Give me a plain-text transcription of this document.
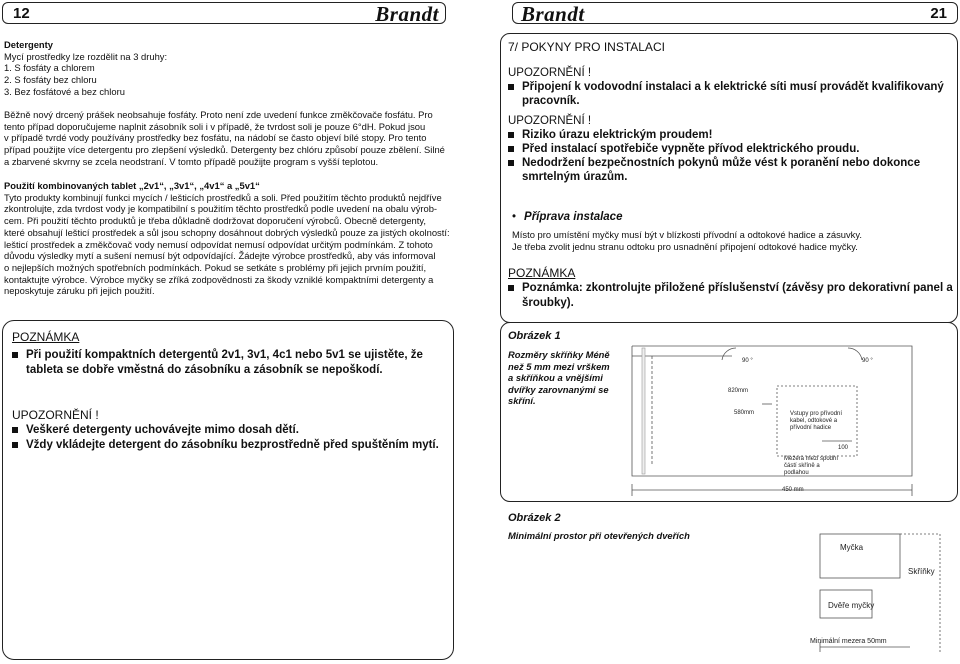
12	Brandt	Brandt	21
Detergenty
Mycí prostředky lze rozdělit na 3 druhy:
1. S fosfáty a chlorem
2. S fosfáty bez chloru
3. Bez fosfátové a bez chloru
Běžně nový drcený prášek neobsahuje fosfáty. Proto není zde uvedení funkce změkčovače fosfátu. Pro
tento případ doporučujeme naplnit zásobník soli i v případě, že tvrdost soli je pouze 6°dH. Pokud jsou
v případě tvrdé vody používány prostředky bez fosfátu, na nádobí se často objeví bílé stopy. Pro tento
případ použijte více detergentu pro zlepšení výsledků. Detergenty bez chlóru způsobí pouze zbělení. Silné
a zbarvené skvrny se zcela neodstraní. V tomto případě použijte program s vyšší teplotou.
Použití kombinovaných tablet „2v1“, „3v1“, „4v1“ a „5v1“
Tyto produkty kombinují funkci mycích / lešticích prostředků a soli. Před použitím těchto produktů nejdříve
zkontrolujte, zda tvrdost vody je kompatibilní s použitím těchto prostředků podle uvedení na obalu výrob-
cem. Při použití těchto produktů je třeba důkladně dodržovat doporučení výrobců. Obecně detergenty,
které obsahují lešticí prostředek a sůl jsou schopny dosáhnout dobrých výsledků pouze za jistých okolností:
lešticí prostředek a změkčovač vody nemusí odpovídat nemusí odpovídat určitým podmínkám. Z tohoto
důvodu výsledky mytí a sušení nemusí být odpovídající. Žádejte výrobce prostředků, aby vás informoval
o nejlepších možných spotřebních podmínkách. Pokud se setkáte s problémy při jejich prvním použití,
kontaktujte výrobce. Výrobce myčky se zříká zodpovědnosti za škody vzniklé kompaktními detergenty a
neposkytuje záruku při jejich použití.
POZNÁMKA
Při použití kompaktních detergentů 2v1, 3v1, 4c1 nebo 5v1 se ujistěte, že tableta se dobře vměstná do zásobníku a zásobník se nepoškodí.
UPOZORNĚNÍ !
Veškeré detergenty uchovávejte mimo dosah dětí.
Vždy vkládejte detergent do zásobníku bezprostředně před spuštěním mytí.
7/ POKYNY PRO INSTALACI
UPOZORNĚNÍ !
Připojení k vodovodní instalaci a k elektrické síti musí provádět kvalifikovaný pracovník.
UPOZORNĚNÍ !
Riziko úrazu elektrickým proudem!
Před instalací spotřebiče vypněte přívod elektrického proudu.
Nedodržení bezpečnostních pokynů může vést k poranění nebo dokonce smrtelným úrazům.
• Příprava instalace
Místo pro umístění myčky musí být v blízkosti přívodní a odtokové hadice a zásuvky.
Je třeba zvolit jednu stranu odtoku pro usnadnění připojení odtokové hadice myčky.
POZNÁMKA
Poznámka: zkontrolujte přiložené příslušenství (závěsy pro dekorativní panel a šroubky).
Obrázek 1
Rozměry skříňky Méně než 5 mm mezi vrškem a skříňkou a vnějšími dvířky zarovnanými se skříní.
90 °	90 °
820mm
580mm	Vstupy pro přívodní kabel, odtokové a přívodní hadice
100
Mezera mezi spodní částí skříně a podlahou
450 mm
Obrázek 2
Minimální prostor při otevřených dveřích
Myčka
Skříňky
Dvěře myčky
Minimální mezera 50mm
